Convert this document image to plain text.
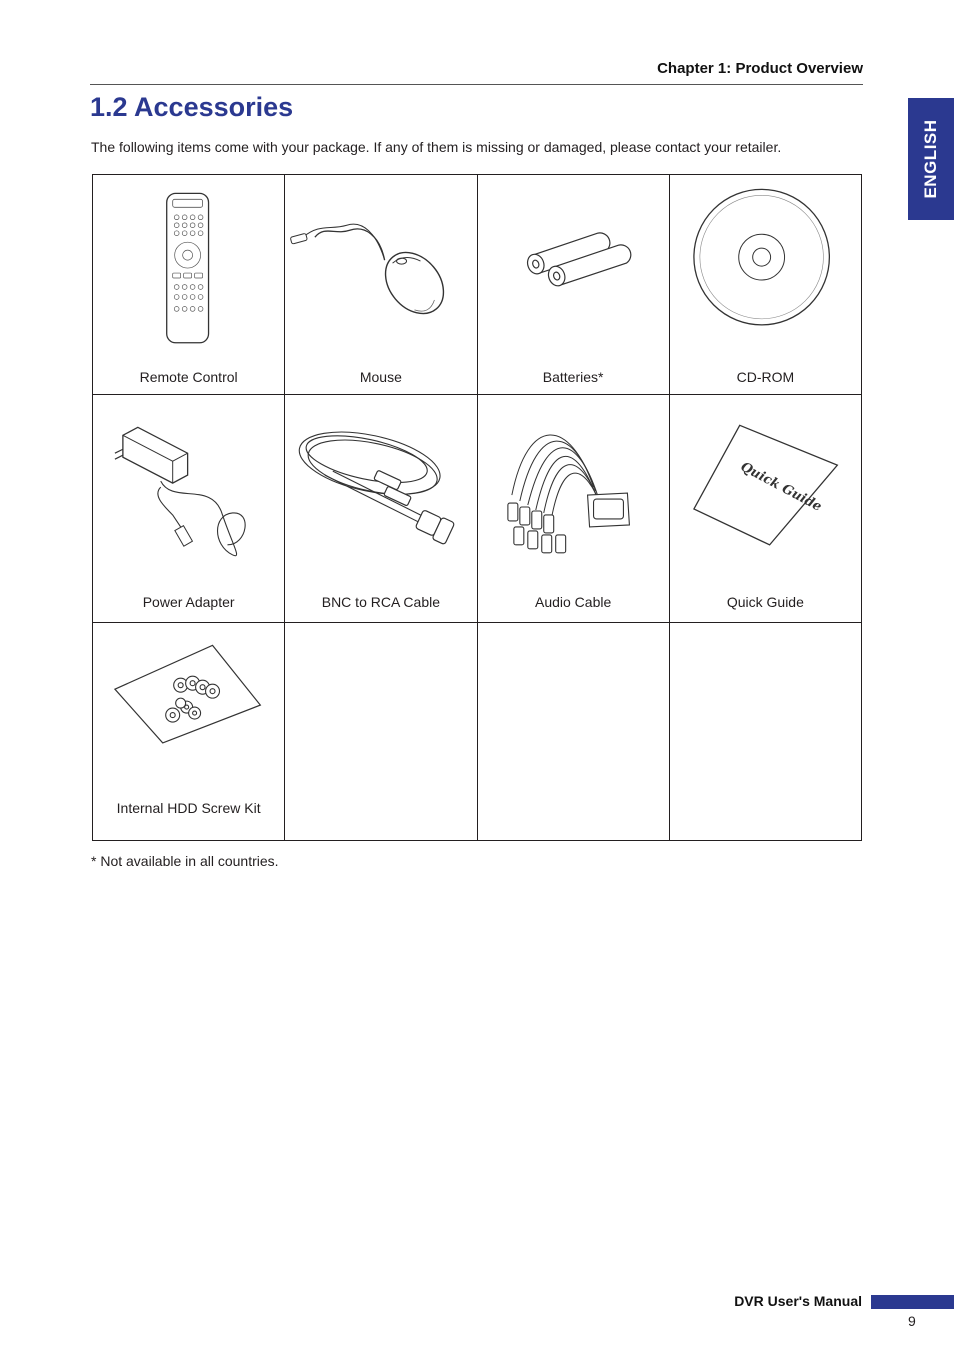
Chapter 1: Product Overview
ENGLISH
1.2 Accessories

The following items come with your package. If any of them is missing or damaged, please contact your retailer.

Remote Control	Mouse	Batteries*	CD-ROM

Power Adapter	BNC to RCA Cable	Audio Cable	Quick Guide
Quick Guide

Internal HDD Screw Kit			

* Not available in all countries.

DVR User's Manual
9
